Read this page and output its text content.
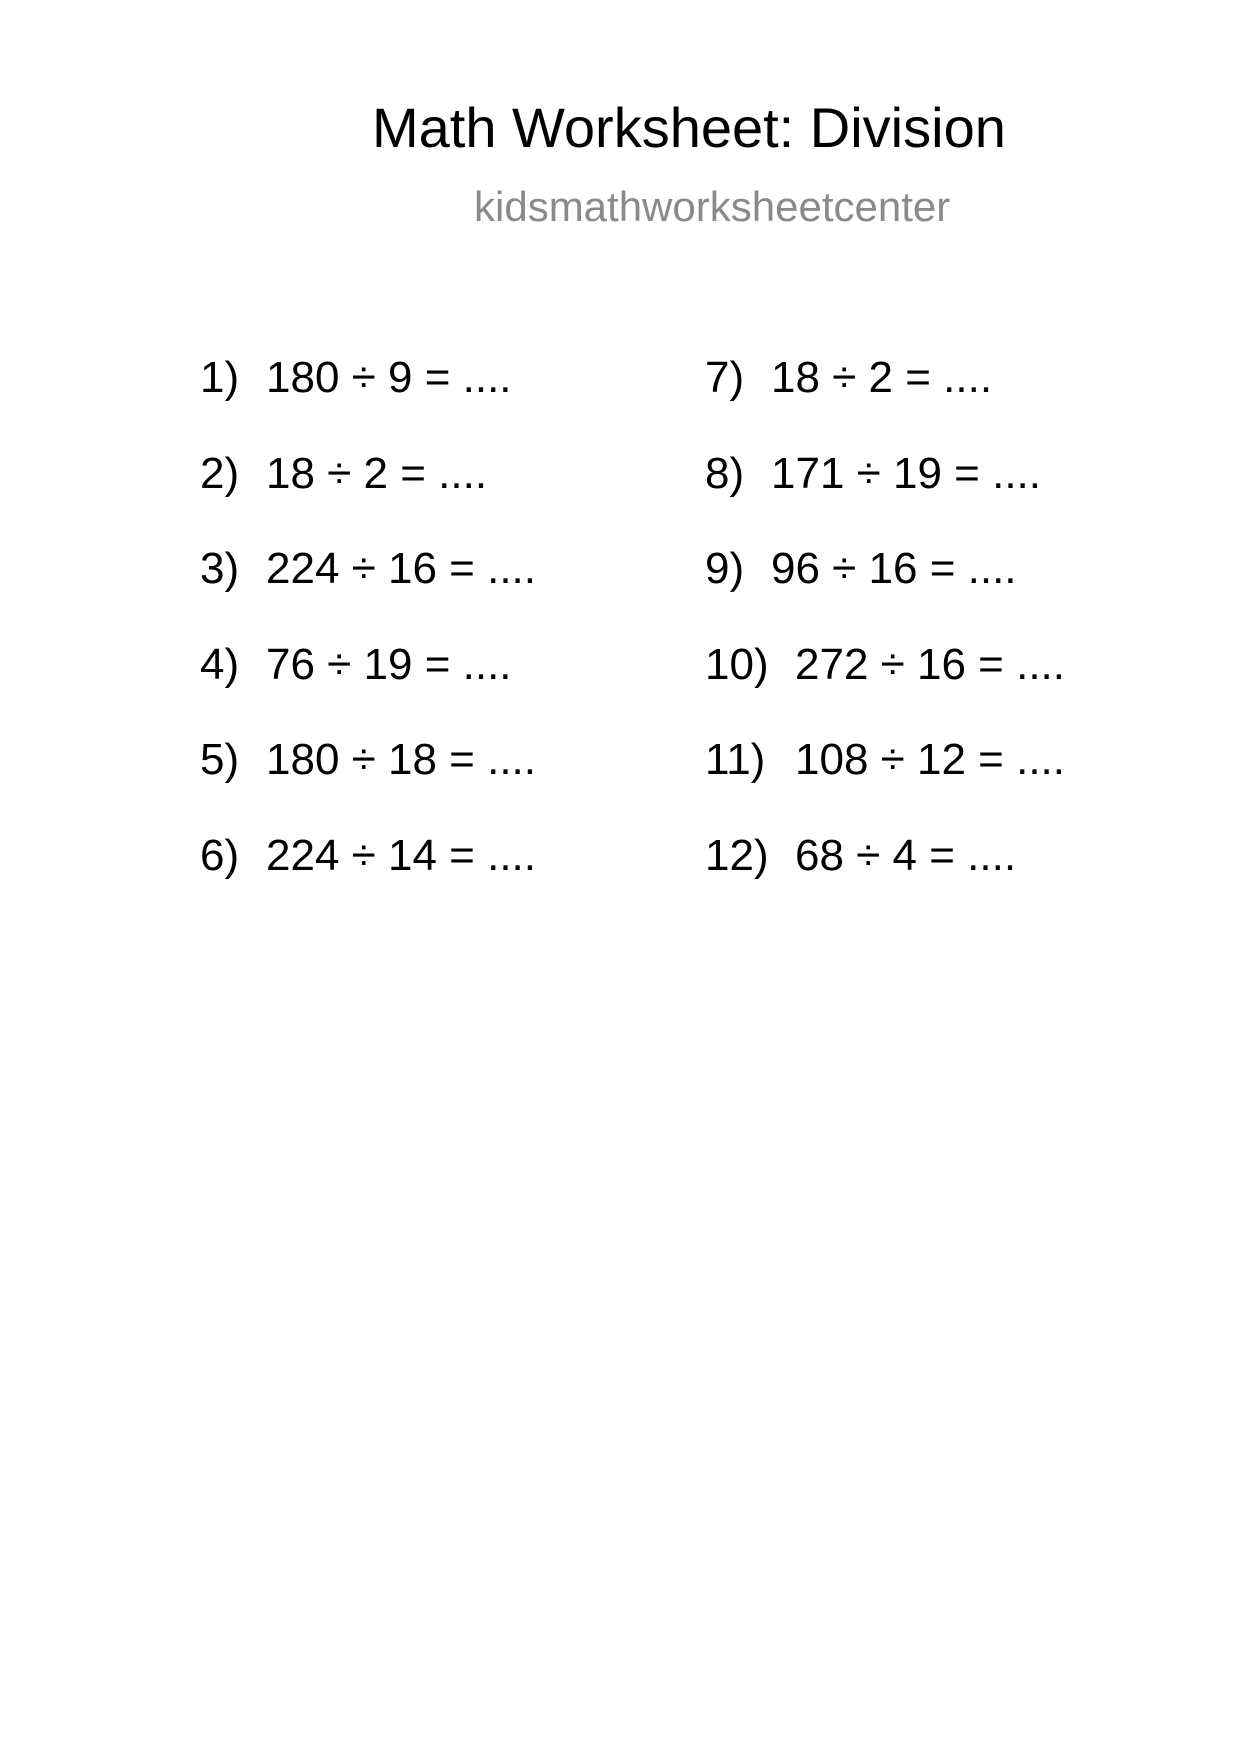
Math Worksheet: Division
kidsmathworksheetcenter
1) 180 ÷ 9 = ....
2) 18 ÷ 2 = ....
3) 224 ÷ 16 = ....
4) 76 ÷ 19 = ....
5) 180 ÷ 18 = ....
6) 224 ÷ 14 = ....
7) 18 ÷ 2 = ....
8) 171 ÷ 19 = ....
9) 96 ÷ 16 = ....
10) 272 ÷ 16 = ....
11) 108 ÷ 12 = ....
12) 68 ÷ 4 = ....
